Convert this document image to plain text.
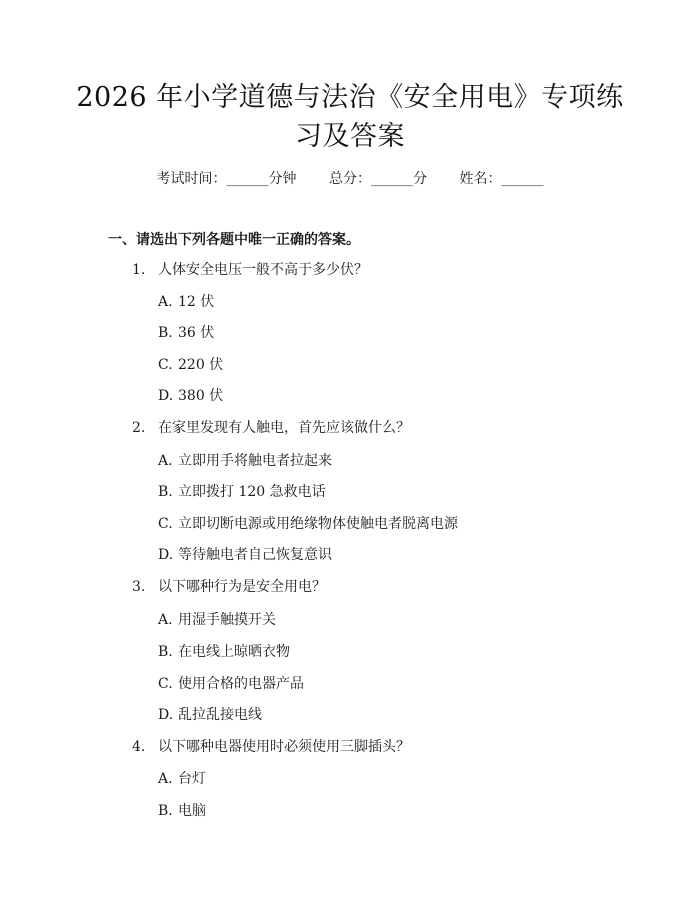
2026 年小学道德与法治《安全用电》专项练
习及答案
考试时间：______分钟 总分：______分 姓名：______
一、请选出下列各题中唯一正确的答案。
1. 人体安全电压一般不高于多少伏？
A. 12 伏
B. 36 伏
C. 220 伏
D. 380 伏
2. 在家里发现有人触电，首先应该做什么？
A. 立即用手将触电者拉起来
B. 立即拨打 120 急救电话
C. 立即切断电源或用绝缘物体使触电者脱离电源
D. 等待触电者自己恢复意识
3. 以下哪种行为是安全用电？
A. 用湿手触摸开关
B. 在电线上晾晒衣物
C. 使用合格的电器产品
D. 乱拉乱接电线
4. 以下哪种电器使用时必须使用三脚插头？
A. 台灯
B. 电脑
